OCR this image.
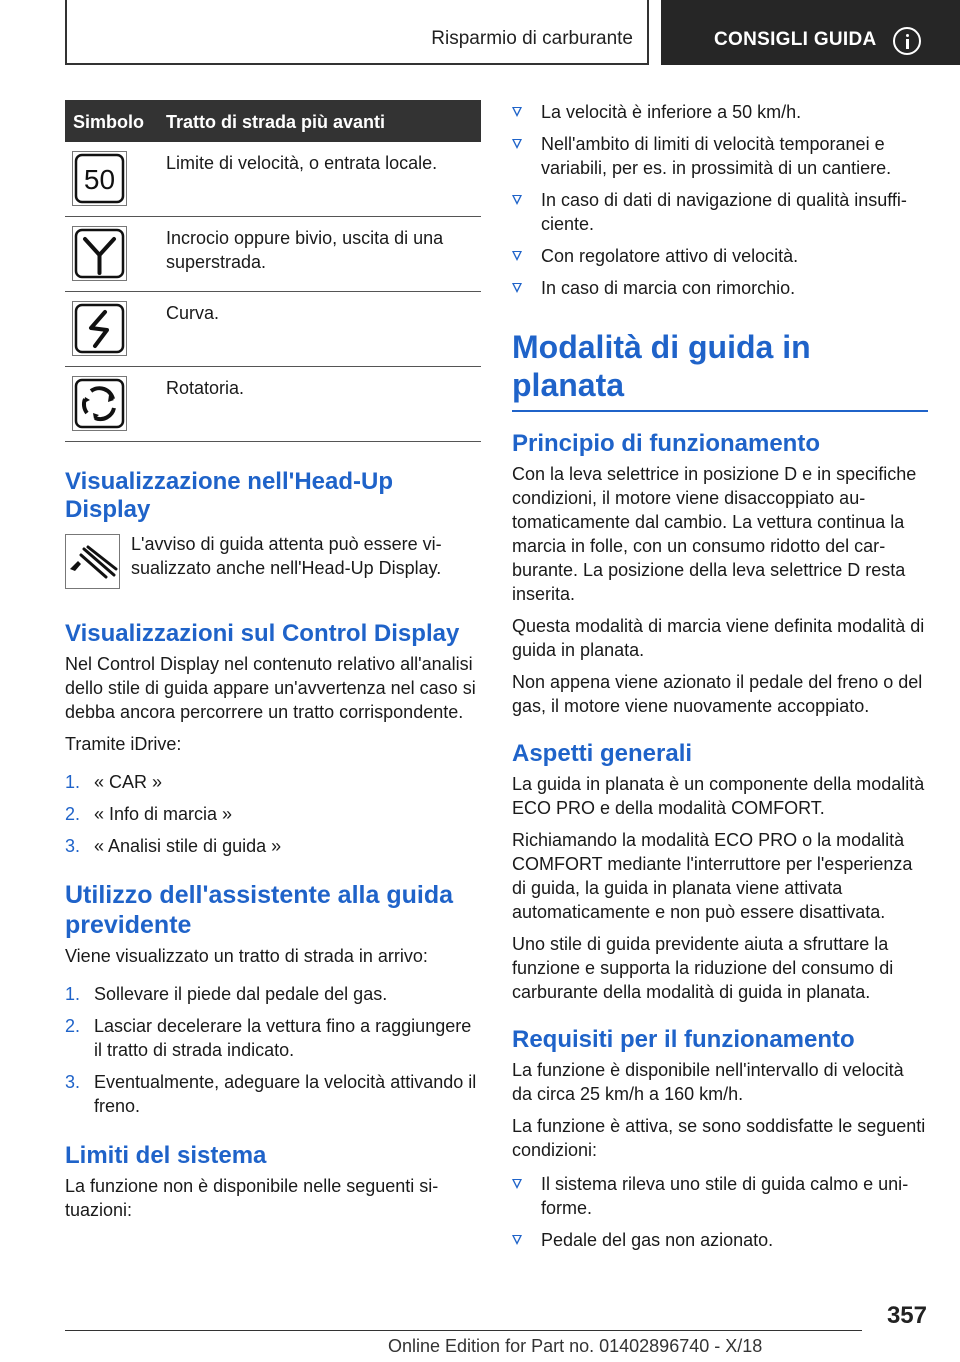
Risparmio di carburante	CONSIGLI GUIDA
Simbolo Tratto di strada più avanti
50
Limite di velocità, o entrata locale.
Incrocio oppure bivio, uscita di una superstrada.
Curva.
Rotatoria.
Visualizzazione nell'Head-Up Display
L'avviso di guida attenta può essere visualizzato anche nell'Head-Up Display.
Visualizzazioni sul Control Display
Nel Control Display nel contenuto relativo all'analisi dello stile di guida appare un'avvertenza nel caso si debba ancora percorrere un tratto corrispondente.
Tramite iDrive:
1. « CAR »
2. « Info di marcia »
3. « Analisi stile di guida »
Utilizzo dell'assistente alla guida previdente
Viene visualizzato un tratto di strada in arrivo:
1. Sollevare il piede dal pedale del gas.
2. Lasciar decelerare la vettura fino a raggiungere il tratto di strada indicato.
3. Eventualmente, adeguare la velocità attivando il freno.
Limiti del sistema
La funzione non è disponibile nelle seguenti situazioni:
La velocità è inferiore a 50 km/h.
Nell'ambito di limiti di velocità temporanei e variabili, per es. in prossimità di un cantiere.
In caso di dati di navigazione di qualità insufficiente.
Con regolatore attivo di velocità.
In caso di marcia con rimorchio.
Modalità di guida in planata
Principio di funzionamento
Con la leva selettrice in posizione D e in specifiche condizioni, il motore viene disaccoppiato automaticamente dal cambio. La vettura continua la marcia in folle, con un consumo ridotto del carburante. La posizione della leva selettrice D resta inserita.
Questa modalità di marcia viene definita modalità di guida in planata.
Non appena viene azionato il pedale del freno o del gas, il motore viene nuovamente accoppiato.
Aspetti generali
La guida in planata è un componente della modalità ECO PRO e della modalità COMFORT.
Richiamando la modalità ECO PRO o la modalità COMFORT mediante l'interruttore per l'esperienza di guida, la guida in planata viene attivata automaticamente e non può essere disattivata.
Uno stile di guida previdente aiuta a sfruttare la funzione e supporta la riduzione del consumo di carburante della modalità di guida in planata.
Requisiti per il funzionamento
La funzione è disponibile nell'intervallo di velocità da circa 25 km/h a 160 km/h.
La funzione è attiva, se sono soddisfatte le seguenti condizioni:
Il sistema rileva uno stile di guida calmo e uniforme.
Pedale del gas non azionato.
357
Online Edition for Part no. 01402896740 - X/18
